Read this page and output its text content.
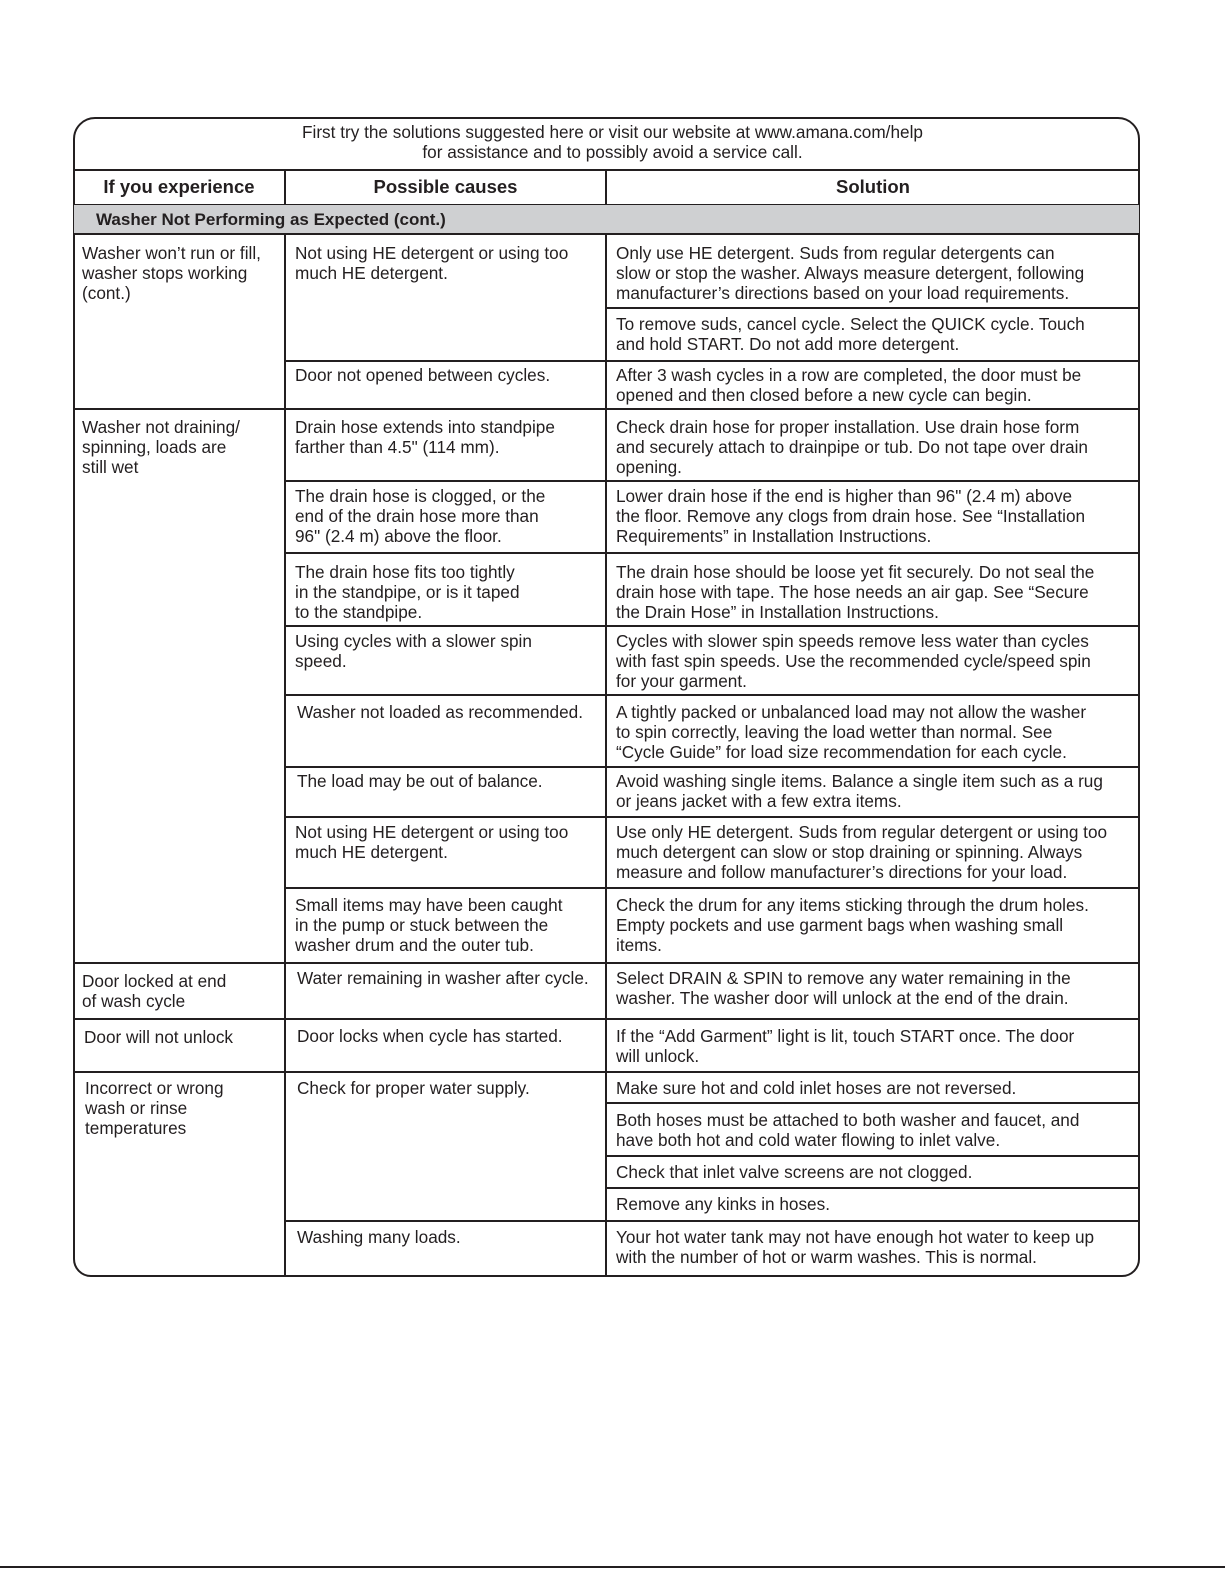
First try the solutions suggested here or visit our website at www.amana.com/help
for assistance and to possibly avoid a service call.
If you experience	Possible causes	Solution
Washer Not Performing as Expected (cont.)
Washer won’t run or fill,
washer stops working
(cont.)
Washer not draining/
spinning, loads are
still wet
Door locked at end
of wash cycle
Door will not unlock
Incorrect or wrong
wash or rinse
temperatures
Not using HE detergent or using too
much HE detergent.
Door not opened between cycles.
Drain hose extends into standpipe
farther than 4.5" (114 mm).
The drain hose is clogged, or the
end of the drain hose more than
96" (2.4 m) above the floor.
The drain hose fits too tightly
in the standpipe, or is it taped
to the standpipe.
Using cycles with a slower spin
speed.
Washer not loaded as recommended.
The load may be out of balance.
Not using HE detergent or using too
much HE detergent.
Small items may have been caught
in the pump or stuck between the
washer drum and the outer tub.
Water remaining in washer after cycle.
Door locks when cycle has started.
Check for proper water supply.
Washing many loads.
Only use HE detergent. Suds from regular detergents can
slow or stop the washer. Always measure detergent, following
manufacturer’s directions based on your load requirements.
To remove suds, cancel cycle. Select the QUICK cycle. Touch
and hold START. Do not add more detergent.
After 3 wash cycles in a row are completed, the door must be
opened and then closed before a new cycle can begin.
Check drain hose for proper installation. Use drain hose form
and securely attach to drainpipe or tub. Do not tape over drain
opening.
Lower drain hose if the end is higher than 96" (2.4 m) above
the floor. Remove any clogs from drain hose. See “Installation
Requirements” in Installation Instructions.
The drain hose should be loose yet fit securely. Do not seal the
drain hose with tape. The hose needs an air gap. See “Secure
the Drain Hose” in Installation Instructions.
Cycles with slower spin speeds remove less water than cycles
with fast spin speeds. Use the recommended cycle/speed spin
for your garment.
A tightly packed or unbalanced load may not allow the washer
to spin correctly, leaving the load wetter than normal. See
“Cycle Guide” for load size recommendation for each cycle.
Avoid washing single items. Balance a single item such as a rug
or jeans jacket with a few extra items.
Use only HE detergent. Suds from regular detergent or using too
much detergent can slow or stop draining or spinning. Always
measure and follow manufacturer’s directions for your load.
Check the drum for any items sticking through the drum holes.
Empty pockets and use garment bags when washing small
items.
Select DRAIN & SPIN to remove any water remaining in the
washer. The washer door will unlock at the end of the drain.
If the “Add Garment” light is lit, touch START once. The door
will unlock.
Make sure hot and cold inlet hoses are not reversed.
Both hoses must be attached to both washer and faucet, and
have both hot and cold water flowing to inlet valve.
Check that inlet valve screens are not clogged.
Remove any kinks in hoses.
Your hot water tank may not have enough hot water to keep up
with the number of hot or warm washes. This is normal.
